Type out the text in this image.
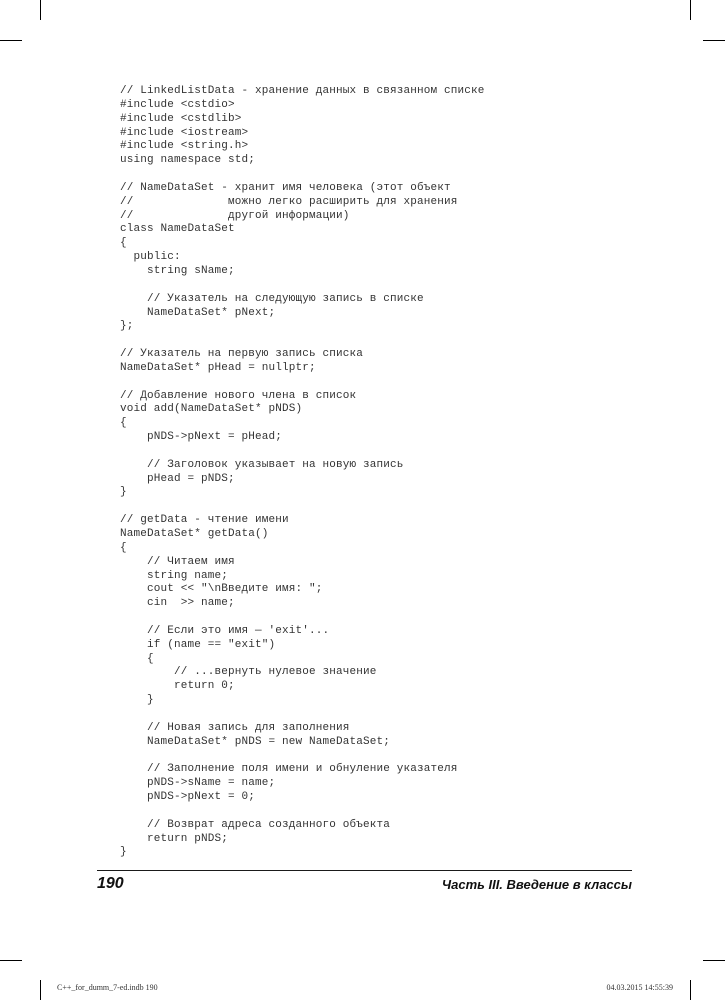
// LinkedListData - хранение данных в связанном списке
#include <cstdio>
#include <cstdlib>
#include <iostream>
#include <string.h>
using namespace std;
// NameDataSet - хранит имя человека (этот объект
//              можно легко расширить для хранения
//              другой информации)
class NameDataSet
{
public:
string sName;
// Указатель на следующую запись в списке
NameDataSet* pNext;
};
// Указатель на первую запись списка
NameDataSet* pHead = nullptr;
// Добавление нового члена в список
void add(NameDataSet* pNDS)
{
pNDS->pNext = pHead;
// Заголовок указывает на новую запись
pHead = pNDS;
}
// getData - чтение имени
NameDataSet* getData()
{
// Читаем имя
string name;
cout << "\nВведите имя: ";
cin  >> name;
// Если это имя — 'exit'...
if (name == "exit")
{
// ...вернуть нулевое значение
return 0;
}
// Новая запись для заполнения
NameDataSet* pNDS = new NameDataSet;
// Заполнение поля имени и обнуление указателя
pNDS->sName = name;
pNDS->pNext = 0;
// Возврат адреса созданного объекта
return pNDS;
}
190	Часть III. Введение в классы
C++_for_dumm_7-ed.indb 190	04.03.2015 14:55:39
